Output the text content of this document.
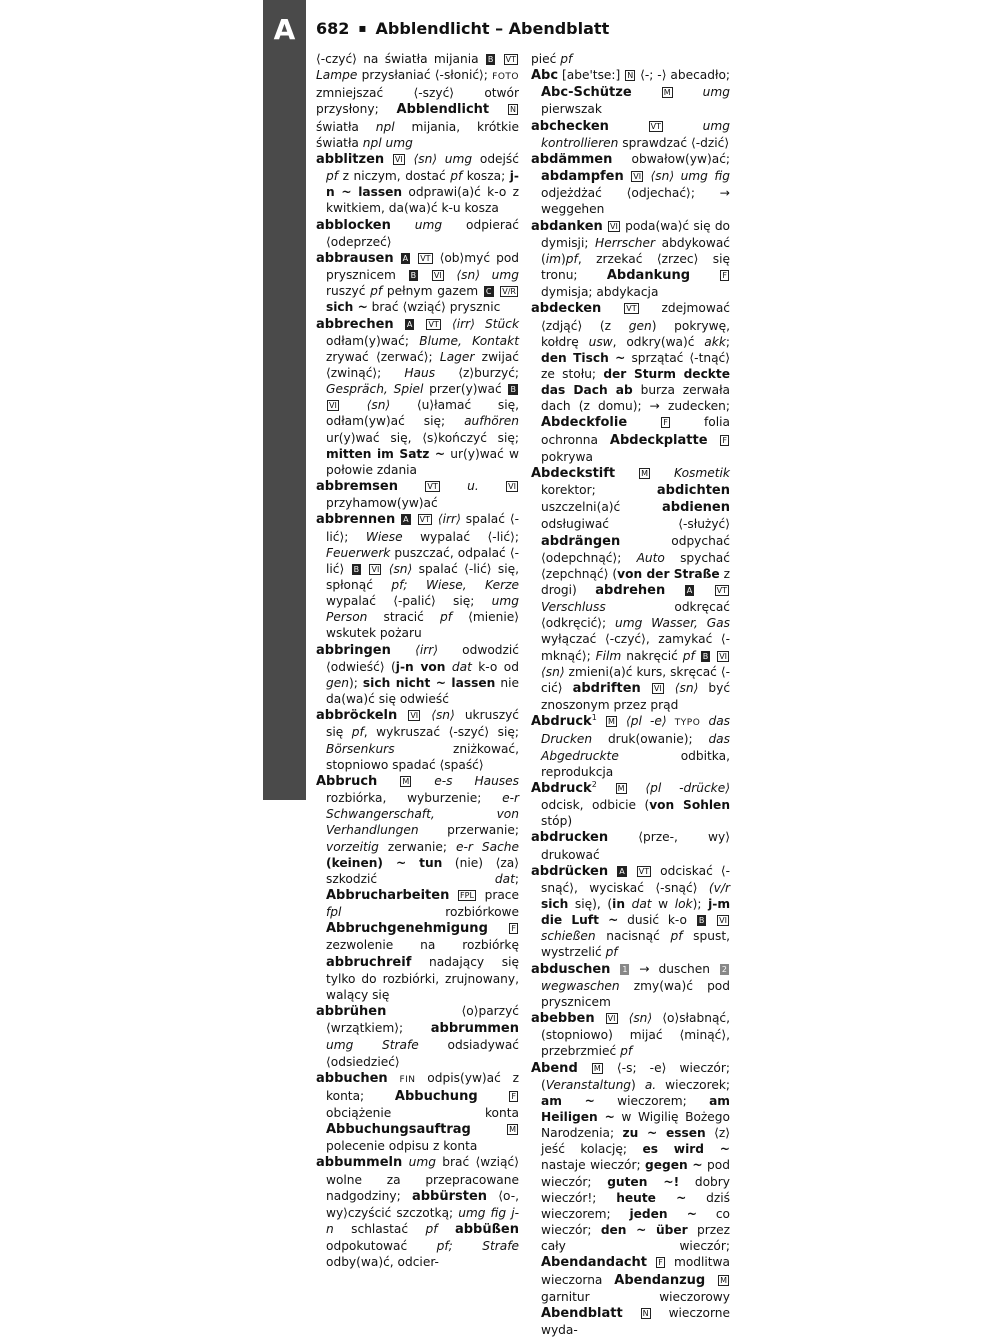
A	682 ▪ Abblendlicht – Abendblatt

⟨-czyć⟩ na światła mijania B VT Lampe przysłaniać ⟨-słonić⟩; FOTO zmniejszać ⟨-szyć⟩ otwór przysłony; Abblendlicht	N światła npl mijania, krótkie światła npl umg

abblitzen VI ⟨sn⟩ umg odejść pf z niczym, dostać pf kosza; j-n ~ lassen odprawi(a)ć k-o z kwitkiem, da(wa)ć k-u kosza

abblocken umg odpierać ⟨odeprzeć⟩

abbrausen A VT ⟨ob⟩myć pod prysznicem B VI ⟨sn⟩ umg ruszyć pf pełnym gazem C V/R sich ~ brać ⟨wziąć⟩ prysznic

abbrechen A VT ⟨irr⟩ Stück odłam(y)wać; Blume, Kontakt zrywać ⟨zerwać⟩; Lager zwijać ⟨zwinąć⟩; Haus ⟨z⟩burzyć; Gespräch, Spiel przer(y)wać B VI ⟨sn⟩ ⟨u⟩łamać się, odłam(yw)ać się; aufhören ur(y)wać się, ⟨s⟩kończyć się; mitten im Satz ~ ur(y)wać w połowie zdania

abbremsen	VT u.	VI przyhamow(yw)ać

abbrennen A VT ⟨irr⟩ spalać ⟨-lić⟩; Wiese wypalać ⟨-lić⟩; Feuerwerk puszczać, odpalać ⟨-lić⟩ B VI ⟨sn⟩ spalać ⟨-lić⟩ się, spłonąć pf; Wiese, Kerze wypalać ⟨-palić⟩ się; umg Person stracić pf ⟨mienie⟩ wskutek pożaru

abbringen ⟨irr⟩ odwodzić ⟨odwieść⟩ (j-n von dat k-o od gen); sich nicht ~ lassen nie da(wa)ć się odwieść

abbröckeln VI ⟨sn⟩ ukruszyć się pf, wykruszać ⟨-szyć⟩ się; Börsenkurs zniżkować, stopniowo spadać ⟨spaść⟩

Abbruch	M e-s Hauses rozbiórka, wyburzenie; e-r Schwangerschaft, von Verhandlungen przerwanie; vorzeitig zerwanie; e-r Sache (keinen) ~ tun (nie) ⟨za⟩szkodzić dat; Abbrucharbeiten FPL prace fpl rozbiórkowe Abbruchgenehmigung	F zezwolenie na rozbiórkę abbruchreif nadający się tylko do rozbiórki, zrujnowany, walący się

abbrühen ⟨o⟩parzyć ⟨wrzątkiem⟩; abbrummen umg Strafe odsiadywać ⟨odsiedzieć⟩

abbuchen FIN odpis(yw)ać z konta; Abbuchung	F obciążenie konta Abbuchungsauftrag	M polecenie odpisu z konta

abbummeln umg brać ⟨wziąć⟩ wolne za przepracowane nadgodziny; abbürsten ⟨o-, wy⟩czyścić szczotką; umg fig j-n schlastać pf abbüßen odpokutować pf; Strafe odby(wa)ć, odcier-

pieć pf

Abc [abe'tse:] N ⟨-; -⟩ abecadło; Abc-Schütze	M	umg pierwszak

abchecken	VT	umg kontrollieren sprawdzać ⟨-dzić⟩

abdämmen obwałow(yw)ać; abdampfen VI ⟨sn⟩ umg fig odjeżdżać ⟨odjechać⟩; → weggehen

abdanken VI poda(wa)ć się do dymisji; Herrscher abdykować (im)pf, zrzekać ⟨zrzec⟩ się tronu; Abdankung	F dymisja; abdykacja

abdecken	VT zdejmować ⟨zdjąć⟩ (z gen) pokrywę, kołdrę usw, odkry(wa)ć akk; den Tisch ~ sprzątać ⟨-tnąć⟩ ze stołu; der Sturm deckte das Dach ab burza zerwała dach (z domu); → zudecken; Abdeckfolie	F folia ochronna Abdeckplatte F pokrywa

Abdeckstift	M Kosmetik korektor; abdichten uszczelni(a)ć abdienen odsługiwać ⟨-służyć⟩ abdrängen odpychać ⟨odepchnąć⟩; Auto spychać ⟨zepchnąć⟩ (von der Straße z drogi) abdrehen	A	VT Verschluss odkręcać ⟨odkręcić⟩; umg Wasser, Gas wyłączać ⟨-czyć⟩, zamykać ⟨-mknąć⟩; Film nakręcić pf B VI ⟨sn⟩ zmieni(a)ć kurs, skręcać ⟨-cić⟩ abdriften VI ⟨sn⟩ być znoszonym przez prąd

Abdruck$^1$ M ⟨pl -e⟩ TYPO das Drucken druk(owanie); das Abgedruckte odbitka, reprodukcja

Abdruck$^2$	M ⟨pl -drücke⟩ odcisk, odbicie (von Sohlen stóp)

abdrucken ⟨prze-, wy⟩drukować

abdrücken A VT odciskać ⟨-snąć⟩, wyciskać ⟨-snąć⟩ (v/r sich się), (in dat w lok); j-m die Luft ~ dusić k-o B VI schießen nacisnąć pf spust, wystrzelić pf

abduschen 1 → duschen 2 wegwaschen zmy(wa)ć pod prysznicem

abebben VI ⟨sn⟩ ⟨o⟩słabnąć, (stopniowo) mijać ⟨minąć⟩, przebrzmieć pf

Abend M ⟨-s; -e⟩ wieczór; (Veranstaltung) a. wieczorek; am ~ wieczorem; am Heiligen ~ w Wigilię Bożego Narodzenia; zu ~ essen ⟨z⟩jeść kolację; es wird ~ nastaje wieczór; gegen ~ pod wieczór; guten ~! dobry wieczór!; heute ~ dziś wieczorem; jeden ~ co wieczór; den ~ über przez cały wieczór; Abendandacht F modlitwa wieczorna Abendanzug M garnitur wieczorowy Abendblatt N wieczorne wyda-
